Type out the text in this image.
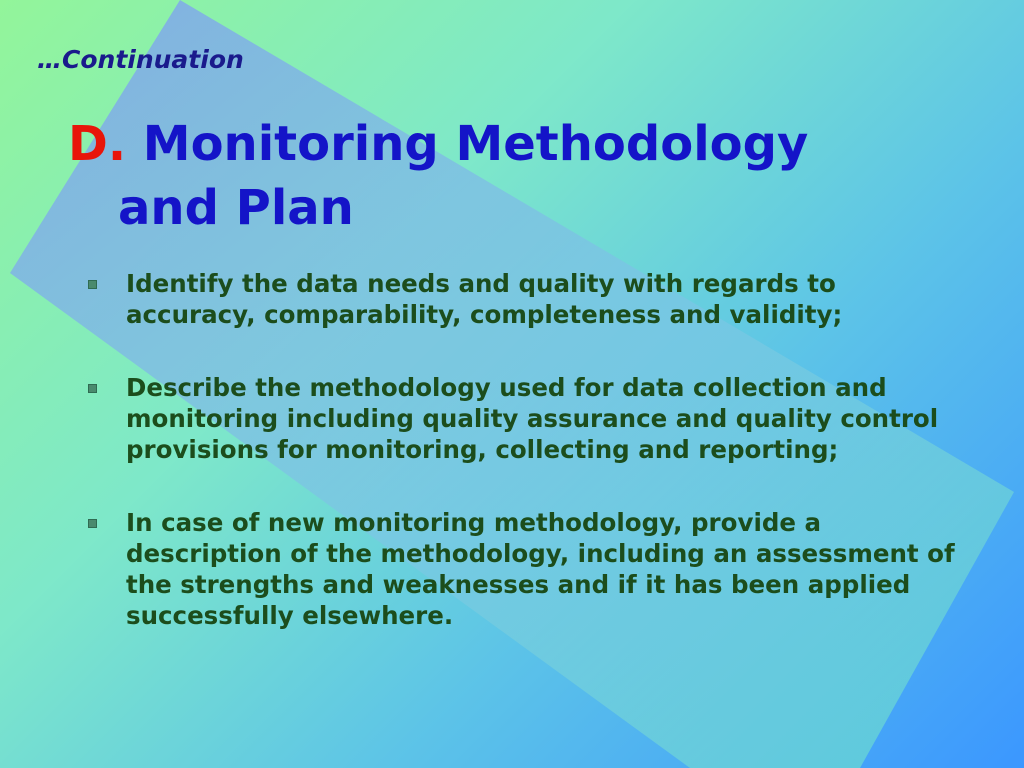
…Continuation

D. Monitoring Methodology
and Plan
Identify the data needs and quality with regards to accuracy, comparability, completeness and validity;
Describe the methodology used for data collection and monitoring including quality assurance and quality control provisions for monitoring, collecting and reporting;
In case of new monitoring methodology, provide a description of the methodology, including an assessment of the strengths and weaknesses and if it has been applied successfully elsewhere.
